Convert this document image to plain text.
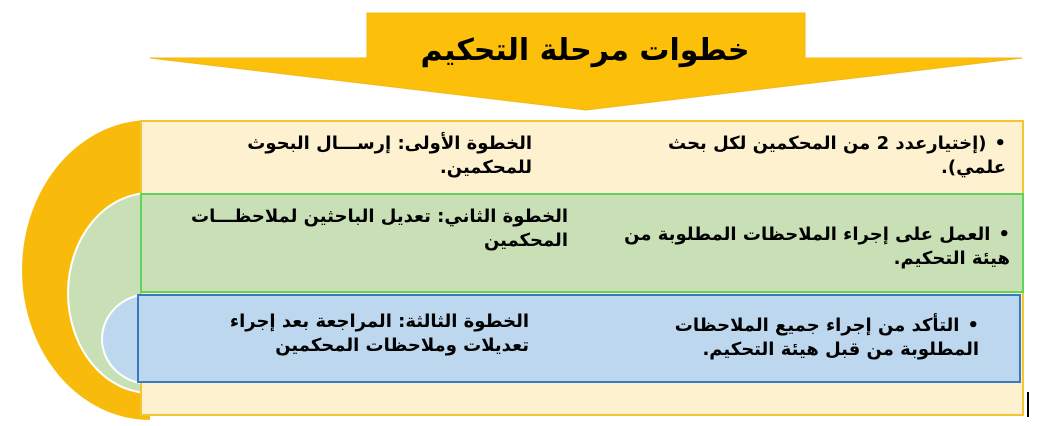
خطوات مرحلة التحكيم
• (إختيارعدد 2 من المحكمين لكل بحث علمي).
الخطوة الأولى: إرســـال البحوث للمحكمين.
• العمل على إجراء الملاحظات المطلوبة من هيئة التحكيم.
الخطوة الثاني: تعديل الباحثين لملاحظـــات المحكمين
• التأكد من إجراء جميع الملاحظات المطلوبة من قبل هيئة التحكيم.
الخطوة الثالثة: المراجعة بعد إجراء تعديلات وملاحظات المحكمين
